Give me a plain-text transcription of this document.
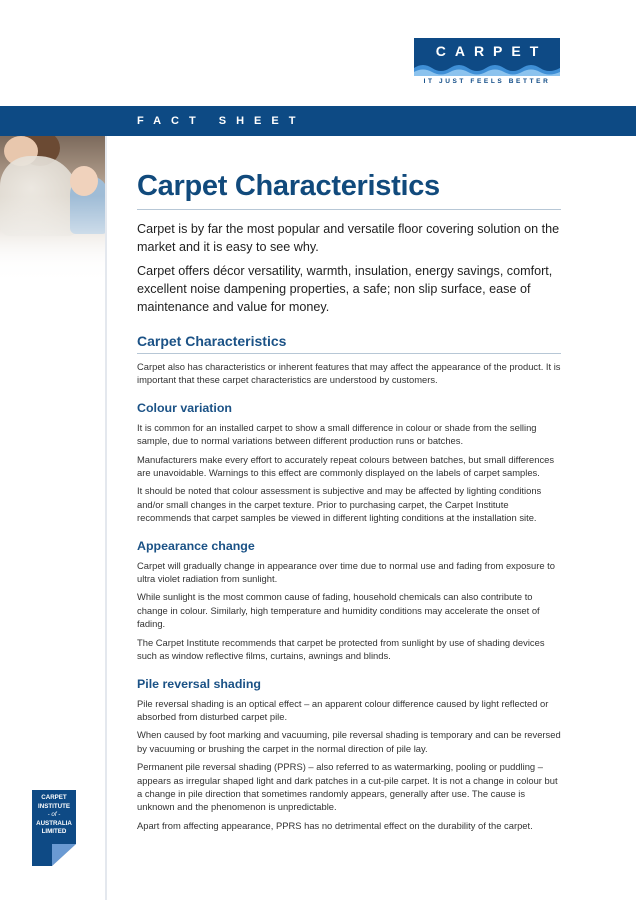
CARPET
IT JUST FEELS BETTER
FACT SHEET
CARPET
INSTITUTE
- of -
AUSTRALIA
LIMITED
Carpet Characteristics

Carpet is by far the most popular and versatile floor covering solution on the market and it is easy to see why.

Carpet offers décor versatility, warmth, insulation, energy savings, comfort, excellent noise dampening properties, a safe; non slip surface, ease of maintenance and value for money.

Carpet Characteristics

Carpet also has characteristics or inherent features that may affect the appearance of the product. It is important that these carpet characteristics are understood by customers.

Colour variation

It is common for an installed carpet to show a small difference in colour or shade from the selling sample, due to normal variations between different production runs or batches.

Manufacturers make every effort to accurately repeat colours between batches, but small differences are unavoidable. Warnings to this effect are commonly displayed on the labels of carpet samples.

It should be noted that colour assessment is subjective and may be affected by lighting conditions and/or small changes in the carpet texture. Prior to purchasing carpet, the Carpet Institute recommends that carpet samples be viewed in different lighting conditions at the installation site.

Appearance change

Carpet will gradually change in appearance over time due to normal use and fading from exposure to ultra violet radiation from sunlight.

While sunlight is the most common cause of fading, household chemicals can also contribute to change in colour. Similarly, high temperature and humidity conditions may accelerate the onset of fading.

The Carpet Institute recommends that carpet be protected from sunlight by use of shading devices such as window reflective films, curtains, awnings and blinds.

Pile reversal shading

Pile reversal shading is an optical effect – an apparent colour difference caused by light reflected or absorbed from disturbed carpet pile.

When caused by foot marking and vacuuming, pile reversal shading is temporary and can be reversed by vacuuming or brushing the carpet in the normal direction of pile lay.

Permanent pile reversal shading (PPRS) – also referred to as watermarking, pooling or puddling – appears as irregular shaped light and dark patches in a cut-pile carpet. It is not a change in colour but a change in pile direction that sometimes randomly appears, generally after use. The cause is unknown and the phenomenon is unpredictable.

Apart from affecting appearance, PPRS has no detrimental effect on the durability of the carpet.
